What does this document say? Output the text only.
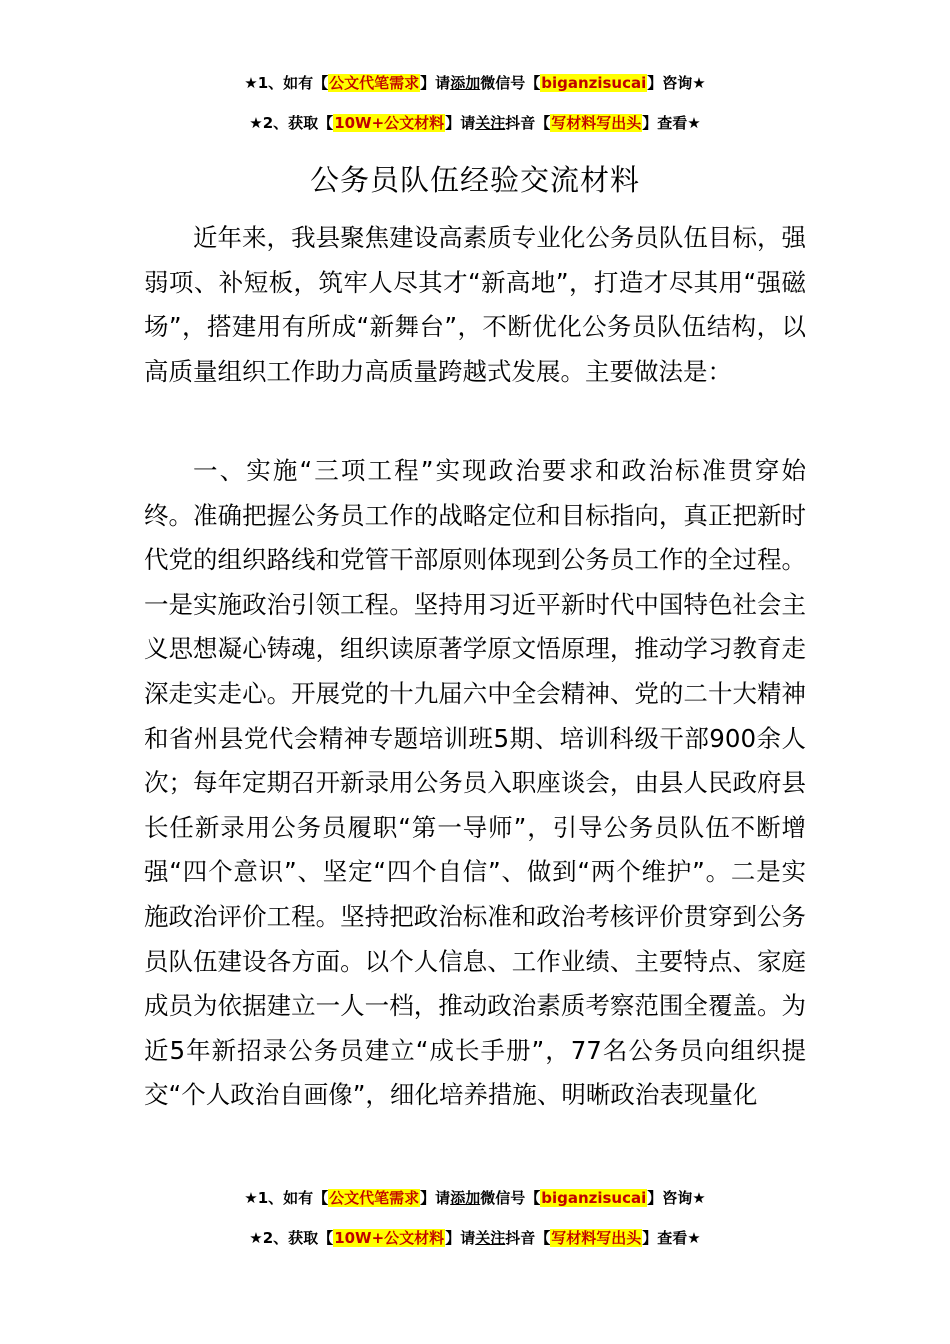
★1、如有【公文代笔需求】请添加微信号【biganzisucai】咨询★
★2、获取【10W+公文材料】请关注抖音【写材料写出头】查看★
公务员队伍经验交流材料

近年来，我县聚焦建设高素质专业化公务员队伍目标，强弱项、补短板，筑牢人尽其才“新高地”，打造才尽其用“强磁场”，搭建用有所成“新舞台”，不断优化公务员队伍结构，以高质量组织工作助力高质量跨越式发展。主要做法是：

一、实施“三项工程”实现政治要求和政治标准贯穿始终。准确把握公务员工作的战略定位和目标指向，真正把新时代党的组织路线和党管干部原则体现到公务员工作的全过程。一是实施政治引领工程。坚持用习近平新时代中国特色社会主义思想凝心铸魂，组织读原著学原文悟原理，推动学习教育走深走实走心。开展党的十九届六中全会精神、党的二十大精神和省州县党代会精神专题培训班5期、培训科级干部900余人次；每年定期召开新录用公务员入职座谈会，由县人民政府县长任新录用公务员履职“第一导师”，引导公务员队伍不断增强“四个意识”、坚定“四个自信”、做到“两个维护”。二是实施政治评价工程。坚持把政治标准和政治考核评价贯穿到公务员队伍建设各方面。以个人信息、工作业绩、主要特点、家庭成员为依据建立一人一档，推动政治素质考察范围全覆盖。为近5年新招录公务员建立“成长手册”，77名公务员向组织提交“个人政治自画像”，细化培养措施、明晰政治表现量化

★1、如有【公文代笔需求】请添加微信号【biganzisucai】咨询★
★2、获取【10W+公文材料】请关注抖音【写材料写出头】查看★
